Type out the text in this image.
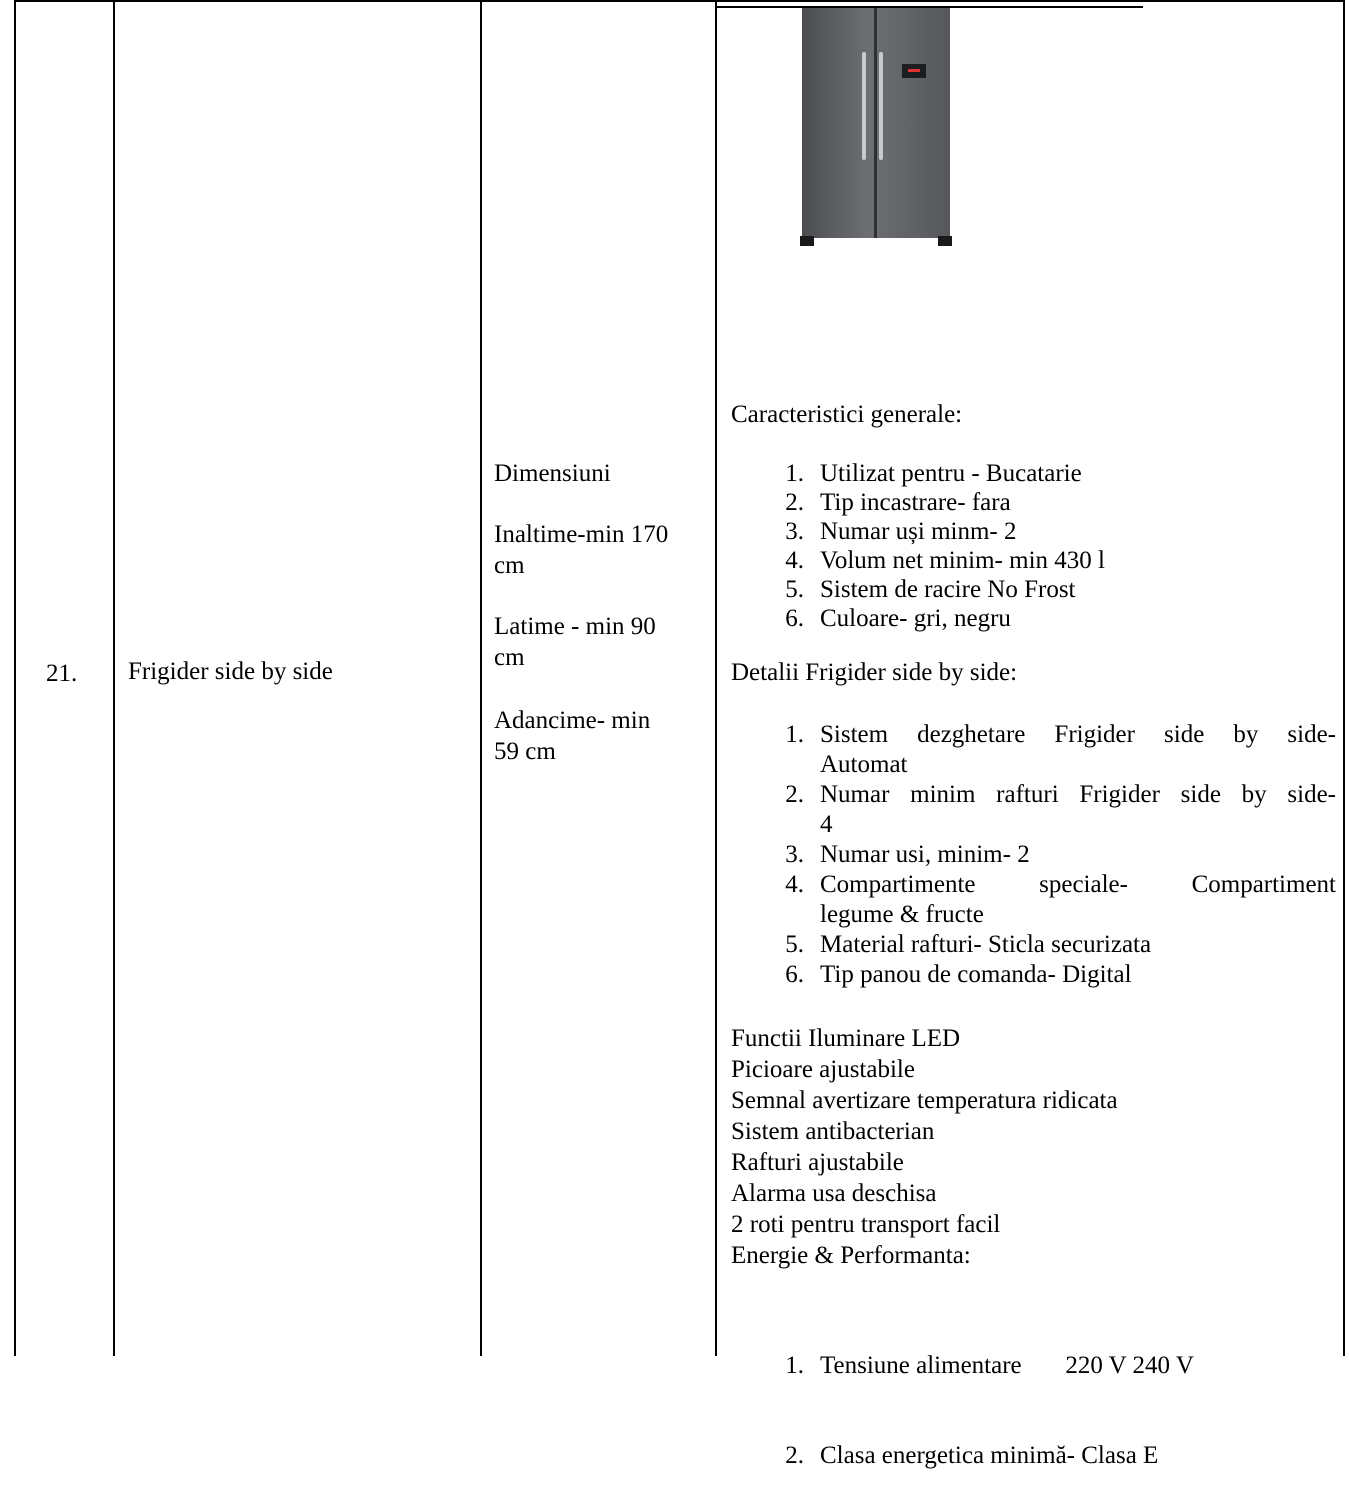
21. Frigider side by side
Dimensiuni
Inaltime-min 170
cm
Latime - min 90
cm
Adancime- min
59 cm
Caracteristici generale:
1. Utilizat pentru - Bucatarie
2. Tip incastrare- fara
3. Numar uși minm- 2
4. Volum net minim- min 430 l
5. Sistem de racire No Frost
6. Culoare- gri, negru
Detalii Frigider side by side:
1. Sistem dezghetare Frigider side by side-
Automat
2. Numar minim rafturi Frigider side by side-
4
3. Numar usi, minim- 2
4. Compartimente speciale- Compartiment
legume & fructe
5. Material rafturi- Sticla securizata
6. Tip panou de comanda- Digital
Functii Iluminare LED
Picioare ajustabile
Semnal avertizare temperatura ridicata
Sistem antibacterian
Rafturi ajustabile
Alarma usa deschisa
2 roti pentru transport facil
Energie & Performanta:

1. Tensiune alimentare       220 V 240 V

2. Clasa energetica minimă- Clasa E
